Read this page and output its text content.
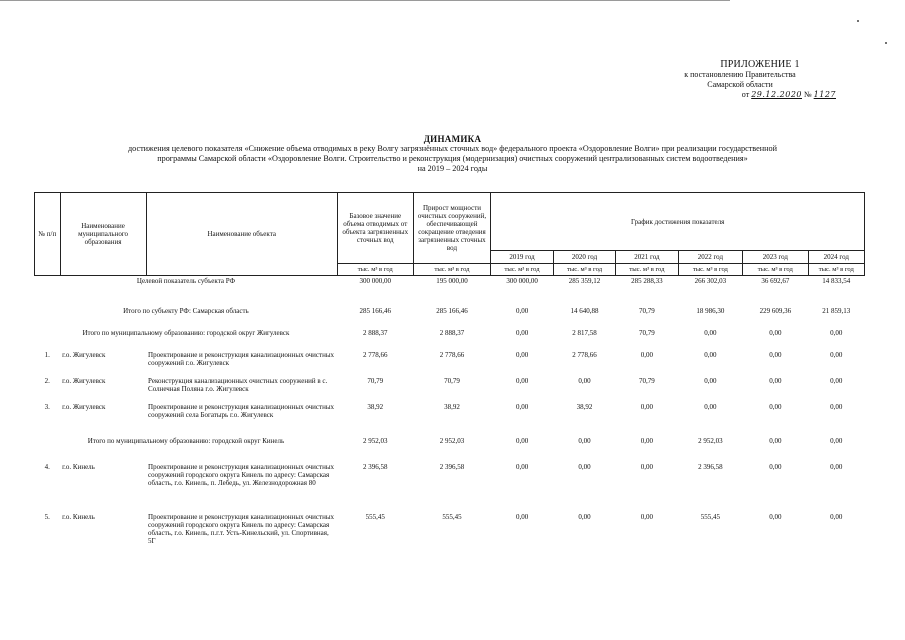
ПРИЛОЖЕНИЕ 1
к постановлению Правительства
Самарской области
от 29.12.2020 № 1127
ДИНАМИКА
достижения целевого показателя «Снижение объема отводимых в реку Волгу загрязнённых сточных вод» федерального проекта «Оздоровление Волги» при реализации государственной
программы Самарской области «Оздоровление Волги. Строительство и реконструкция (модернизация) очистных сооружений централизованных систем водоотведения»
на 2019 – 2024 годы
№ п/п	Наименование муниципального образования	Наименование объекта	Базовое значение объема отводимых от объекта загрязненных сточных вод	Прирост мощности очистных сооружений, обеспечивающей сокращение отведения загрязненных сточных вод	График достижения показателя					
					2019 год	2020 год	2021 год	2022 год	2023 год	2024 год
			тыс. м³ в год	тыс. м³ в год	тыс. м³ в год	тыс. м³ в год	тыс. м³ в год	тыс. м³ в год	тыс. м³ в год	тыс. м³ в год
Целевой показатель субъекта РФ			300 000,00	195 000,00	300 000,00	285 359,12	285 288,33	266 302,03	36 692,67	14 833,54
Итого по субъекту РФ: Самарская область			285 166,46	285 166,46	0,00	14 640,88	70,79	18 986,30	229 609,36	21 859,13
Итого по муниципальному образованию: городской округ Жигулевск			2 888,37	2 888,37	0,00	2 817,58	70,79	0,00	0,00	0,00
1.	г.о. Жигулевск	Проектирование и реконструкция канализационных очистных сооружений г.о. Жигулевск	2 778,66	2 778,66	0,00	2 778,66	0,00	0,00	0,00	0,00
2.	г.о. Жигулевск	Реконструкция канализационных очистных сооружений в с. Солнечная Поляна г.о. Жигулевск	70,79	70,79	0,00	0,00	70,79	0,00	0,00	0,00
3.	г.о. Жигулевск	Проектирование и реконструкция канализационных очистных сооружений села Богатырь г.о. Жигулевск	38,92	38,92	0,00	38,92	0,00	0,00	0,00	0,00
Итого по муниципальному образованию: городской округ Кинель			2 952,03	2 952,03	0,00	0,00	0,00	2 952,03	0,00	0,00
4.	г.о. Кинель	Проектирование и реконструкция канализационных очистных сооружений городского округа Кинель по адресу: Самарская область, г.о. Кинель, п. Лебедь, ул. Железнодорожная 80	2 396,58	2 396,58	0,00	0,00	0,00	2 396,58	0,00	0,00
5.	г.о. Кинель	Проектирование и реконструкция канализационных очистных сооружений городского округа Кинель по адресу: Самарская область, г.о. Кинель, п.г.т. Усть-Кинельский, ул. Спортивная, 5Г	555,45	555,45	0,00	0,00	0,00	555,45	0,00	0,00
